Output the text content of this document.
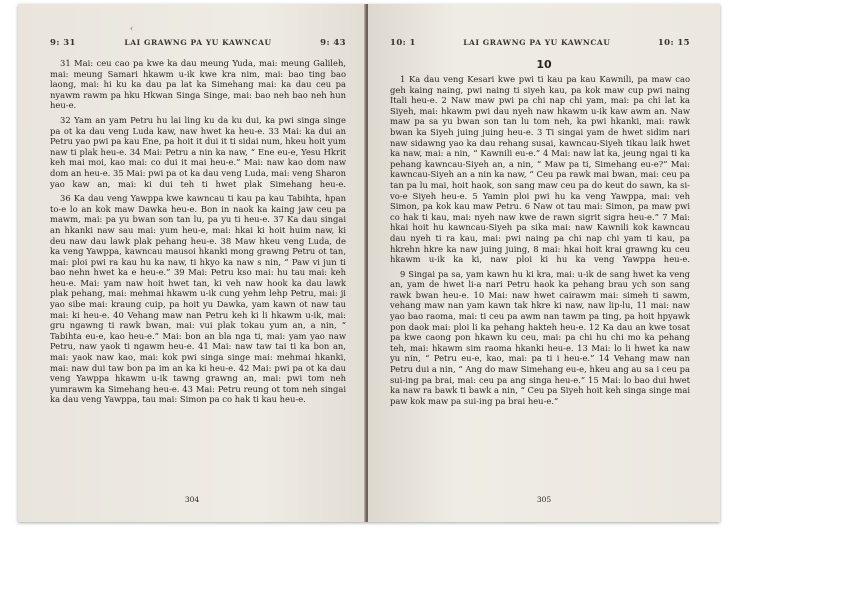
‹
9: 31	LAI GRAWNG PA YU KAWNCAU	9: 43

31 Mai: ceu cao pa kwe ka dau meung Yuda, mai: meung Galileh, mai: meung Samari hkawm u-ik kwe kra nim, mai: bao ting bao laong, mai: hi ku ka dau pa lat ka Simehang mai: ka dau ceu pa nyawm rawm pa hku Hkwan Singa Singe, mai: bao neh bao neh hun heu-e.

32 Yam an yam Petru hu lai ling ku da ku dui, ka pwi singa singe pa ot ka dau veng Luda kaw, naw hwet ka heu-e. 33 Mai: ka dui an Petru yao pwi pa kau Ene, pa hoit it dui it ti sidai num, hkeu hoit yum naw ti plak heu-e. 34 Mai: Petru a nin ka naw, “ Ene eu-e, Yesu Hkrit keh mai moi, kao mai: co dui it mai heu-e.” Mai: naw kao dom naw dom an heu-e. 35 Mai: pwi pa ot ka dau veng Luda, mai: veng Sharon yao kaw an, mai: ki dui teh ti hwet plak Simehang heu-e.

36 Ka dau veng Yawppa kwe kawncau ti kau pa kau Tabihta, hpan to-e lo an kok maw Dawka heu-e. Bon in naok ka kaing jaw ceu pa mawm, mai: pa yu bwan son tan lu, pa yu ti heu-e. 37 Ka dau singai an hkanki naw sau mai: yum heu-e, mai: hkai ki hoit huim naw, ki deu naw dau lawk plak pehang heu-e. 38 Maw hkeu veng Luda, de ka veng Yawppa, kawncau mausoi hkanki mong grawng Petru ot tan, mai: ploi pwi ra kau hu ka naw, ti hkyo ka naw s nin, “ Paw vi jun ti bao nehn hwet ka e heu-e.” 39 Mai: Petru kso mai: hu tau mai: keh heu-e. Mai: yam naw hoit hwet tan, ki veh naw hook ka dau lawk plak pehang, mai: mehmai hkawm u-ik cung yehm lehp Petru, mai: ji yao sibe mai: kraung cuip, pa hoit yu Dawka, yam kawn ot naw tau mai: ki heu-e. 40 Vehang maw nan Petru keh ki li hkawm u-ik, mai: gru ngawng ti rawk bwan, mai: vui plak tokau yum an, a nin, “ Tabihta eu-e, kao heu-e.” Mai: bon an bla nga ti, mai: yam yao naw Petru, naw yaok ti ngawm heu-e. 41 Mai: naw taw tai ti ka bon an, mai: yaok naw kao, mai: kok pwi singa singe mai: mehmai hkanki, mai: naw dui taw bon pa im an ka ki heu-e. 42 Mai: pwi pa ot ka dau veng Yawppa hkawm u-ik tawng grawng an, mai: pwi tom neh yumrawm ka Simehang heu-e. 43 Mai: Petru reung ot tom neh singai ka dau veng Yawppa, tau mai: Simon pa co hak ti kau heu-e.

304
10: 1	LAI GRAWNG PA YU KAWNCAU	10: 15
10

1 Ka dau veng Kesari kwe pwi ti kau pa kau Kawnili, pa maw cao geh kaing naing, pwi naing ti siyeh kau, pa kok maw cup pwi naing Itali heu-e. 2 Naw maw pwi pa chi nap chi yam, mai: pa chi lat ka Siyeh, mai: hkawm pwi dau nyeh naw hkawm u-ik kaw awm an. Naw maw pa sa yu bwan son tan lu tom neh, ka pwi hkanki, mai: rawk bwan ka Siyeh juing juing heu-e. 3 Ti singai yam de hwet sidim nari naw sidawng yao ka dau rehang susai, kawncau-Siyeh tikau laik hwet ka naw, mai: a nin, “ Kawnili eu-e.” 4 Mai: naw lat ka, jeung ngai ti ka pehang kawncau-Siyeh an, a nin, “ Maw pa ti, Simehang eu-e?” Mai: kawncau-Siyeh an a nin ka naw, “ Ceu pa rawk mai bwan, mai: ceu pa tan pa lu mai, hoit haok, son sang maw ceu pa do keut do sawn, ka si-vo-e Siyeh heu-e. 5 Yamin ploi pwi hu ka veng Yawppa, mai: veh Simon, pa kok kau maw Petru. 6 Naw ot tau mai: Simon, pa maw pwi co hak ti kau, mai: nyeh naw kwe de rawn sigrit sigra heu-e.” 7 Mai: hkai hoit hu kawncau-Siyeh pa sika mai: naw Kawnili kok kawncau dau nyeh ti ra kau, mai: pwi naing pa chi nap chi yam ti kau, pa hkrehn hkre ka naw juing juing, 8 mai: hkai hoit krai grawng ku ceu hkawm u-ik ka ki, naw ploi ki hu ka veng Yawppa heu-e.

9 Singai pa sa, yam kawn hu ki kra, mai: u-ik de sang hwet ka veng an, yam de hwet li-a nari Petru haok ka pehang brau ych son sang rawk bwan heu-e. 10 Mai: naw hwet cairawm mai: simeh ti sawm, vehang maw nan yam kawn tak hkre ki naw, naw lip-lu, 11 mai: naw yao bao raoma, mai: ti ceu pa awm nan tawm pa ting, pa hoit hpyawk pon daok mai: ploi li ka pehang hakteh heu-e. 12 Ka dau an kwe tosat pa kwe caong pon hkawn ku ceu, mai: pa chi hu chi mo ka pehang teh, mai: hkawm sim raoma hkanki heu-e. 13 Mai: lo li hwet ka naw yu nin, “ Petru eu-e, kao, mai: pa ti i heu-e.” 14 Vehang maw nan Petru dui a nin, “ Ang do maw Simehang eu-e, hkeu ang au sa i ceu pa sui-ing pa brai, mai: ceu pa ang singa heu-e.” 15 Mai: lo bao dui hwet ka naw ra bawk ti bawk a nin, “ Ceu pa Siyeh hoit keh singa singe mai paw kok maw pa sui-ing pa brai heu-e.”

305
